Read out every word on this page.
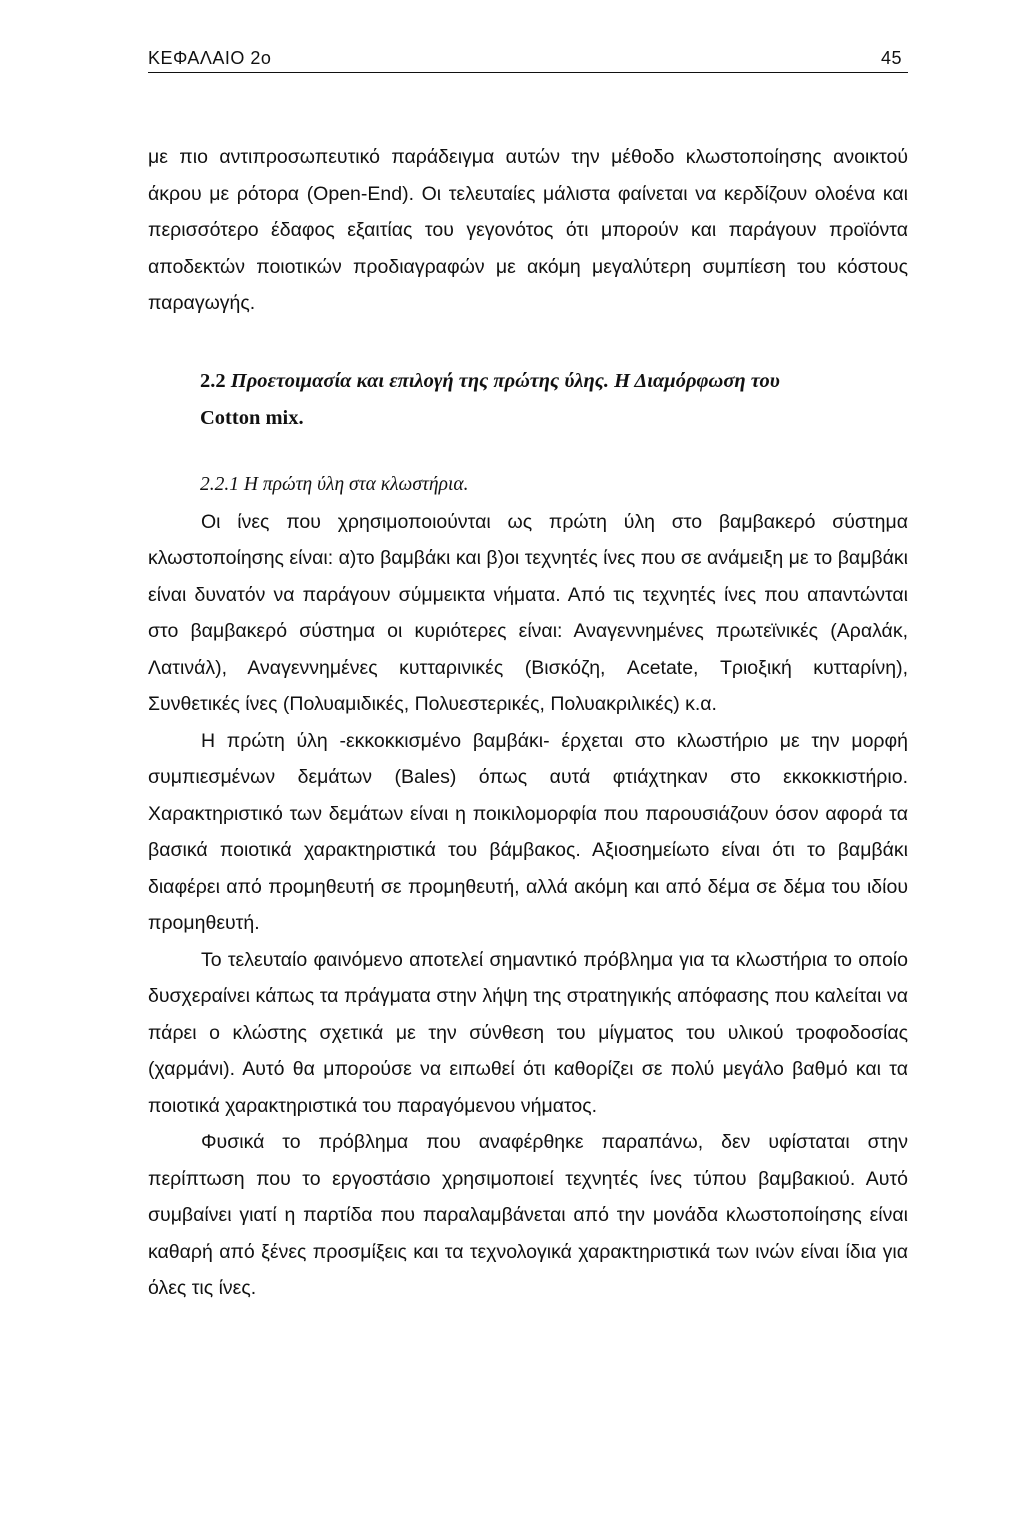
ΚΕΦΑΛΑΙΟ 2ο	45

με πιο αντιπροσωπευτικό παράδειγμα αυτών την μέθοδο κλωστοποίησης ανοικτού άκρου με ρότορα (Open-End). Οι τελευταίες μάλιστα φαίνεται να κερδίζουν ολοένα και περισσότερο έδαφος εξαιτίας του γεγονότος ότι μπορούν και παράγουν προϊόντα αποδεκτών ποιοτικών προδιαγραφών με ακόμη μεγαλύτερη συμπίεση του κόστους παραγωγής.

2.2 Προετοιμασία και επιλογή της πρώτης ύλης. Η Διαμόρφωση του
Cotton mix.
2.2.1 Η πρώτη ύλη στα κλωστήρια.

Οι ίνες που χρησιμοποιούνται ως πρώτη ύλη στο βαμβακερό σύστημα κλωστοποίησης είναι: α)το βαμβάκι και β)οι τεχνητές ίνες που σε ανάμειξη με το βαμβάκι είναι δυνατόν να παράγουν σύμμεικτα νήματα. Από τις τεχνητές ίνες που απαντώνται στο βαμβακερό σύστημα οι κυριότερες είναι: Αναγεννημένες πρωτεϊνικές (Αραλάκ, Λατινάλ), Αναγεννημένες κυτταρινικές (Βισκόζη, Acetate, Τριοξική κυτταρίνη), Συνθετικές ίνες (Πολυαμιδικές, Πολυεστερικές, Πολυακριλικές) κ.α.

Η πρώτη ύλη -εκκοκκισμένο βαμβάκι- έρχεται στο κλωστήριο με την μορφή συμπιεσμένων δεμάτων (Bales) όπως αυτά φτιάχτηκαν στο εκκοκκιστήριο. Χαρακτηριστικό των δεμάτων είναι η ποικιλομορφία που παρουσιάζουν όσον αφορά τα βασικά ποιοτικά χαρακτηριστικά του βάμβακος. Αξιοσημείωτο είναι ότι το βαμβάκι διαφέρει από προμηθευτή σε προμηθευτή, αλλά ακόμη και από δέμα σε δέμα του ιδίου προμηθευτή.

Το τελευταίο φαινόμενο αποτελεί σημαντικό πρόβλημα για τα κλωστήρια το οποίο δυσχεραίνει κάπως τα πράγματα στην λήψη της στρατηγικής απόφασης που καλείται να πάρει ο κλώστης σχετικά με την σύνθεση του μίγματος του υλικού τροφοδοσίας (χαρμάνι). Αυτό θα μπορούσε να ειπωθεί ότι καθορίζει σε πολύ μεγάλο βαθμό και τα ποιοτικά χαρακτηριστικά του παραγόμενου νήματος.

Φυσικά το πρόβλημα που αναφέρθηκε παραπάνω, δεν υφίσταται στην περίπτωση που το εργοστάσιο χρησιμοποιεί τεχνητές ίνες τύπου βαμβακιού. Αυτό συμβαίνει γιατί η παρτίδα που παραλαμβάνεται από την μονάδα κλωστοποίησης είναι καθαρή από ξένες προσμίξεις και τα τεχνολογικά χαρακτηριστικά των ινών είναι ίδια για όλες τις ίνες.
